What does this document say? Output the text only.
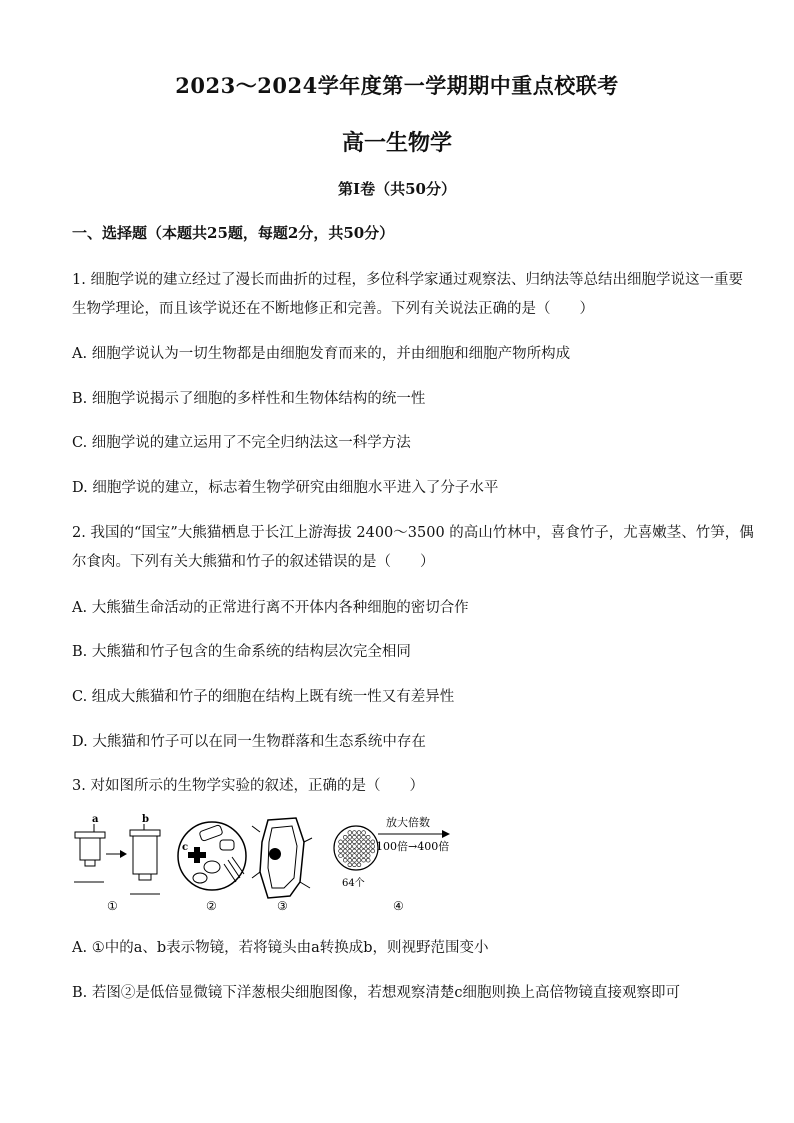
2023～2024学年度第一学期期中重点校联考
高一生物学
第I卷（共50分）
一、选择题（本题共25题，每题2分，共50分）
1. 细胞学说的建立经过了漫长而曲折的过程，多位科学家通过观察法、归纳法等总结出细胞学说这一重要
生物学理论，而且该学说还在不断地修正和完善。下列有关说法正确的是（　　）
A. 细胞学说认为一切生物都是由细胞发育而来的，并由细胞和细胞产物所构成
B. 细胞学说揭示了细胞的多样性和生物体结构的统一性
C. 细胞学说的建立运用了不完全归纳法这一科学方法
D. 细胞学说的建立，标志着生物学研究由细胞水平进入了分子水平
2. 我国的“国宝”大熊猫栖息于长江上游海拔 2400～3500 的高山竹林中，喜食竹子，尤喜嫩茎、竹笋，偶
尔食肉。下列有关大熊猫和竹子的叙述错误的是（　　）
A. 大熊猫生命活动的正常进行离不开体内各种细胞的密切合作
B. 大熊猫和竹子包含的生命系统的结构层次完全相同
C. 组成大熊猫和竹子的细胞在结构上既有统一性又有差异性
D. 大熊猫和竹子可以在同一生物群落和生态系统中存在
3. 对如图所示的生物学实验的叙述，正确的是（　　）
a	b
①
c
②	③
64个
放大倍数
100倍→400倍
④
A. ①中的a、b表示物镜，若将镜头由a转换成b，则视野范围变小
B. 若图②是低倍显微镜下洋葱根尖细胞图像，若想观察清楚c细胞则换上高倍物镜直接观察即可
